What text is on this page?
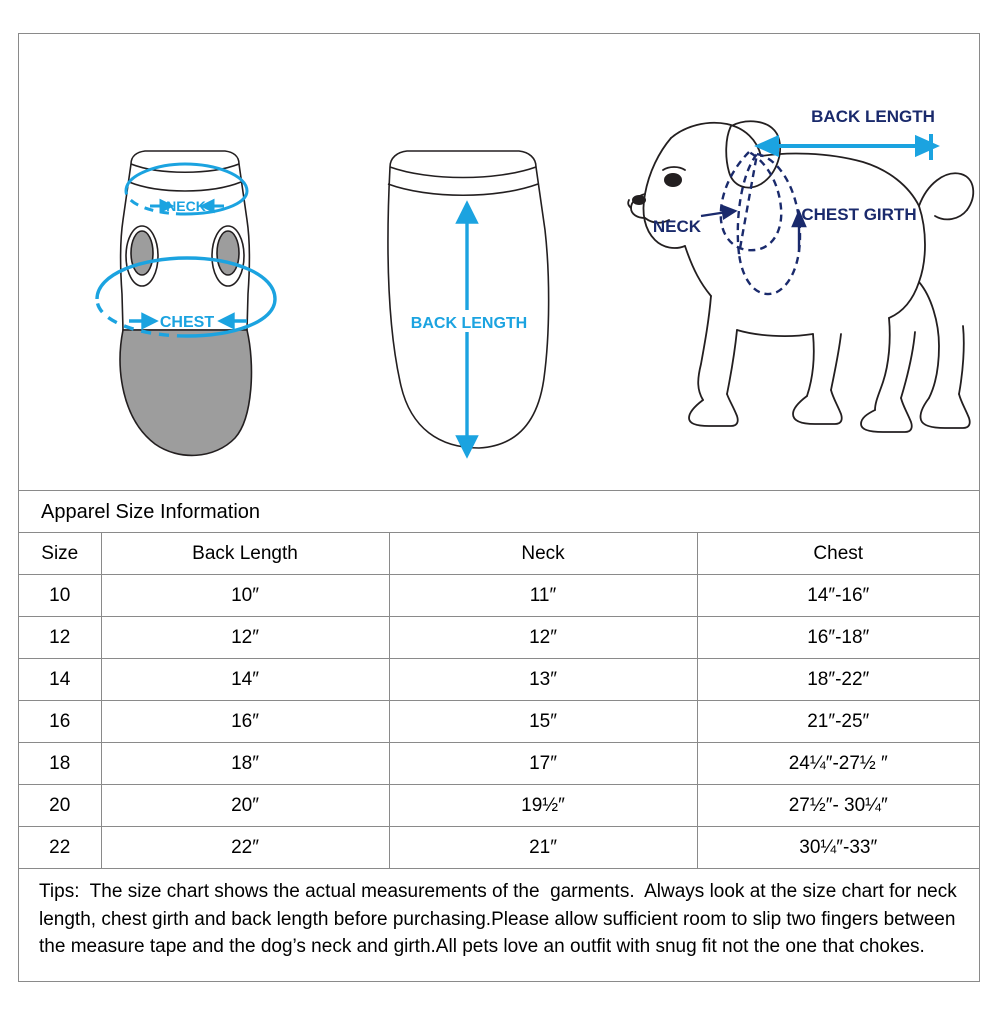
NECK
CHEST	BACK LENGTH
BACK LENGTH
NECK
CHEST GIRTH
Apparel Size Information
Size	Back Length	Neck	Chest
10	10″	11″	14″-16″
12	12″	12″	16″-18″
14	14″	13″	18″-22″
16	16″	15″	21″-25″
18	18″	17″	24¼″-27½ ″
20	20″	19½″	27½″- 30¼″
22	22″	21″	30¼″-33″
Tips:  The size chart shows the actual measurements of the  garments.  Always look at the size chart for neck length, chest girth and back length before purchasing.Please allow sufficient room to slip two fingers between the measure tape and the dog’s neck and girth.All pets love an outfit with snug fit not the one that chokes.
